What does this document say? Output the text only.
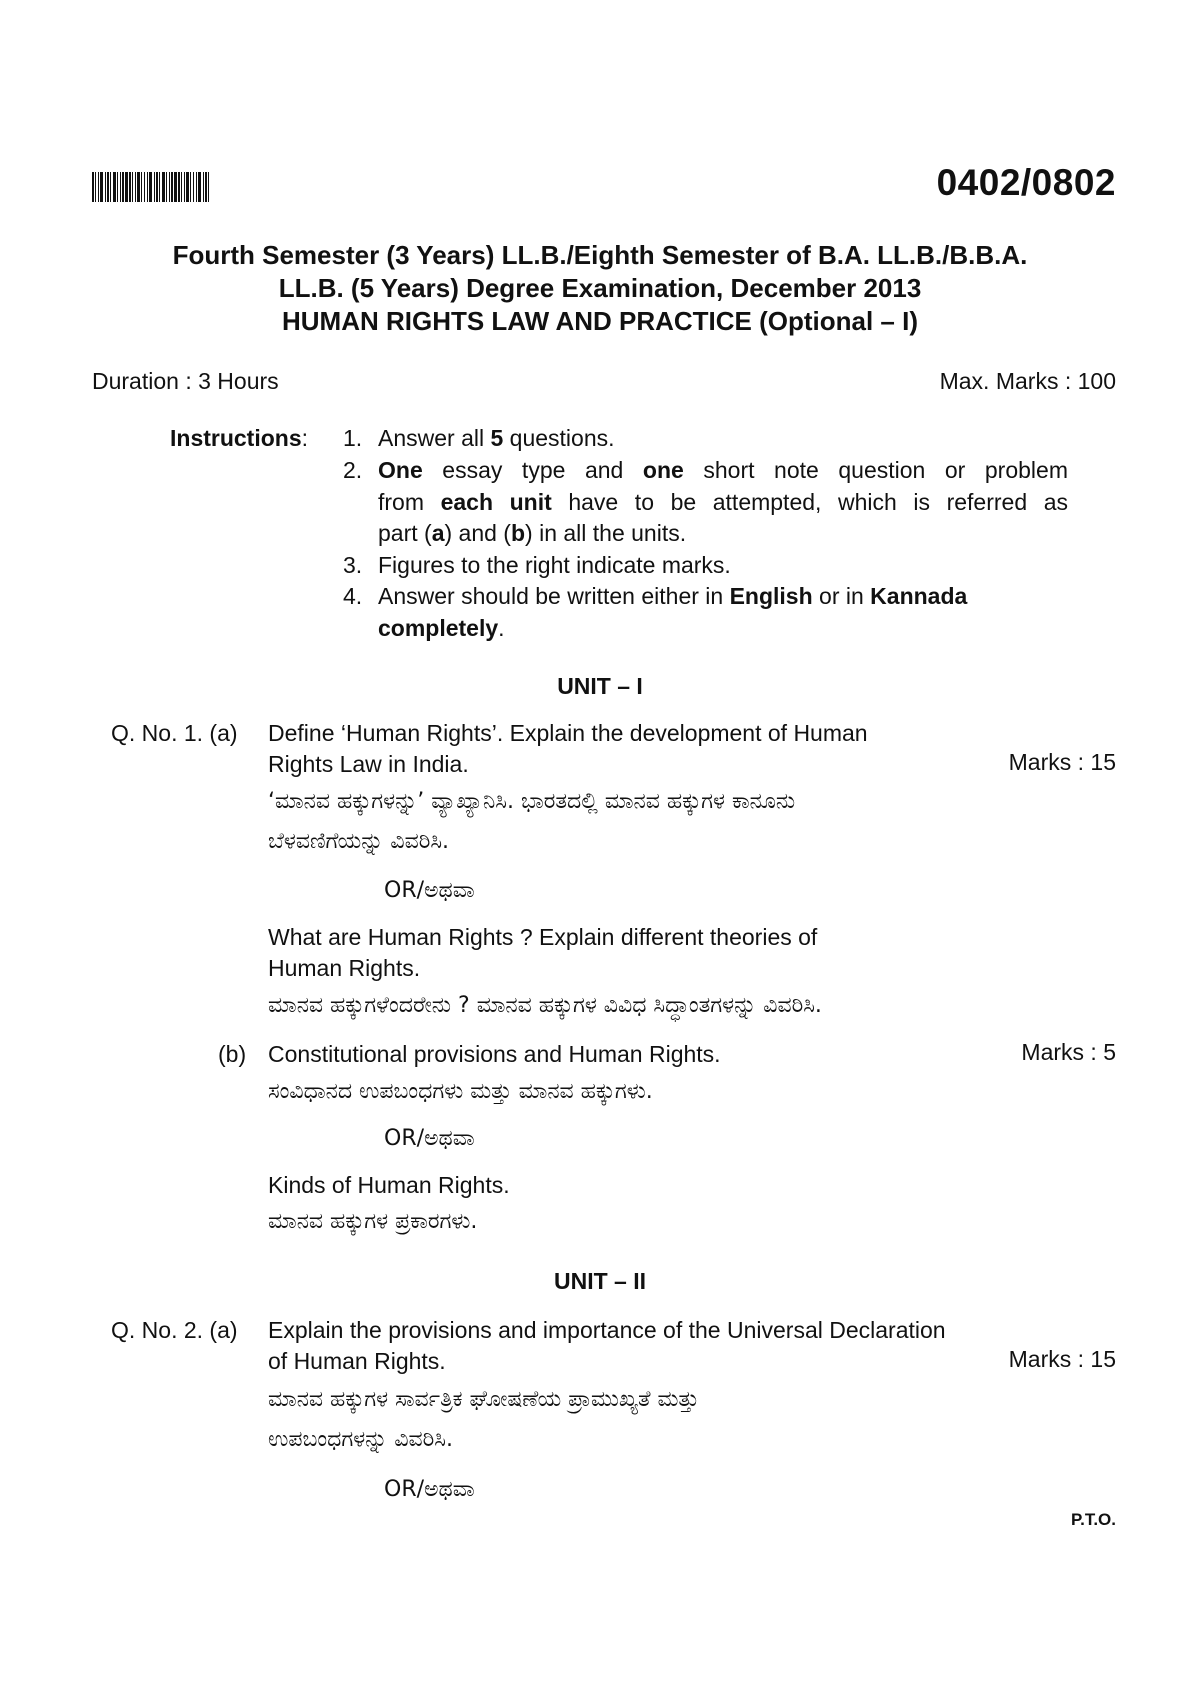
0402/0802
Fourth Semester (3 Years) LL.B./Eighth Semester of B.A. LL.B./B.B.A.
LL.B. (5 Years) Degree Examination, December 2013
HUMAN RIGHTS LAW AND PRACTICE (Optional – I)
Duration : 3 Hours	Max. Marks : 100
Instructions: 1. Answer all 5 questions.
2. One essay type and one short note question or problem
from each unit have to be attempted, which is referred as
part (a) and (b) in all the units.
3. Figures to the right indicate marks.
4. Answer should be written either in English or in Kannada
completely.
UNIT – I
Q. No. 1. (a) Define ‘Human Rights’. Explain the development of Human
Rights Law in India.	Marks : 15
‘ಮಾನವ ಹಕ್ಕುಗಳನ್ನು’ ವ್ಯಾಖ್ಯಾನಿಸಿ. ಭಾರತದಲ್ಲಿ ಮಾನವ ಹಕ್ಕುಗಳ ಕಾನೂನು
ಬೆಳವಣಿಗೆಯನ್ನು ವಿವರಿಸಿ.
OR/ಅಥವಾ
What are Human Rights ? Explain different theories of
Human Rights.
ಮಾನವ ಹಕ್ಕುಗಳೆಂದರೇನು ? ಮಾನವ ಹಕ್ಕುಗಳ ವಿವಿಧ ಸಿದ್ಧಾಂತಗಳನ್ನು ವಿವರಿಸಿ.
(b) Constitutional provisions and Human Rights.	Marks : 5
ಸಂವಿಧಾನದ ಉಪಬಂಧಗಳು ಮತ್ತು ಮಾನವ ಹಕ್ಕುಗಳು.
OR/ಅಥವಾ
Kinds of Human Rights.
ಮಾನವ ಹಕ್ಕುಗಳ ಪ್ರಕಾರಗಳು.
UNIT – II
Q. No. 2. (a) Explain the provisions and importance of the Universal Declaration
of Human Rights.	Marks : 15
ಮಾನವ ಹಕ್ಕುಗಳ ಸಾರ್ವತ್ರಿಕ ಘೋಷಣೆಯ ಪ್ರಾಮುಖ್ಯತೆ ಮತ್ತು
ಉಪಬಂಧಗಳನ್ನು ವಿವರಿಸಿ.
OR/ಅಥವಾ
P.T.O.
